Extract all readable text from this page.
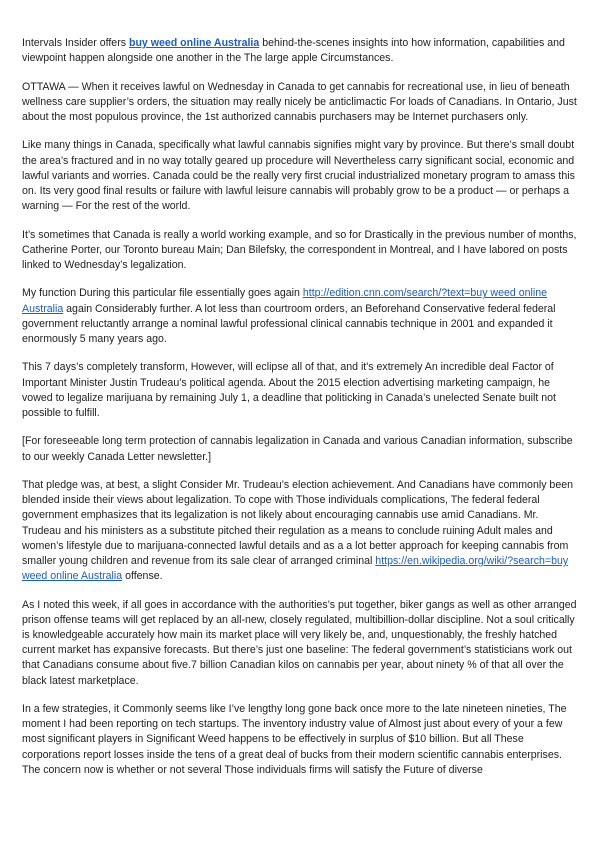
Intervals Insider offers buy weed online Australia behind-the-scenes insights into how information, capabilities and viewpoint happen alongside one another in the The large apple Circumstances.

OTTAWA — When it receives lawful on Wednesday in Canada to get cannabis for recreational use, in lieu of beneath wellness care supplier’s orders, the situation may really nicely be anticlimactic For loads of Canadians. In Ontario, Just about the most populous province, the 1st authorized cannabis purchasers may be Internet purchasers only.

Like many things in Canada, specifically what lawful cannabis signifies might vary by province. But there’s small doubt the area’s fractured and in no way totally geared up procedure will Nevertheless carry significant social, economic and lawful variants and worries. Canada could be the really very first crucial industrialized monetary program to amass this on. Its very good final results or failure with lawful leisure cannabis will probably grow to be a product — or perhaps a warning — For the rest of the world.

It’s sometimes that Canada is really a world working example, and so for Drastically in the previous number of months, Catherine Porter, our Toronto bureau Main; Dan Bilefsky, the correspondent in Montreal, and I have labored on posts linked to Wednesday’s legalization.

My function During this particular file essentially goes again http://edition.cnn.com/search/?text=buy weed online Australia again Considerably further. A lot less than courtroom orders, an Beforehand Conservative federal federal government reluctantly arrange a nominal lawful professional clinical cannabis technique in 2001 and expanded it enormously 5 many years ago.

This 7 days’s completely transform, However, will eclipse all of that, and it's extremely An incredible deal Factor of Important Minister Justin Trudeau’s political agenda. About the 2015 election advertising marketing campaign, he vowed to legalize marijuana by remaining July 1, a deadline that politicking in Canada’s unelected Senate built not possible to fulfill.

[For foreseeable long term protection of cannabis legalization in Canada and various Canadian information, subscribe to our weekly Canada Letter newsletter.]

That pledge was, at best, a slight Consider Mr. Trudeau’s election achievement. And Canadians have commonly been blended inside their views about legalization. To cope with Those individuals complications, The federal federal government emphasizes that its legalization is not likely about encouraging cannabis use amid Canadians. Mr. Trudeau and his ministers as a substitute pitched their regulation as a means to conclude ruining Adult males and women’s lifestyle due to marijuana-connected lawful details and as a a lot better approach for keeping cannabis from smaller young children and revenue from its sale clear of arranged criminal https://en.wikipedia.org/wiki/?search=buy weed online Australia offense.

As I noted this week, if all goes in accordance with the authorities’s put together, biker gangs as well as other arranged prison offense teams will get replaced by an all-new, closely regulated, multibillion-dollar discipline. Not a soul critically is knowledgeable accurately how main its market place will very likely be, and, unquestionably, the freshly hatched current market has expansive forecasts. But there’s just one baseline: The federal government’s statisticians work out that Canadians consume about five.7 billion Canadian kilos on cannabis per year, about ninety % of that all over the black latest marketplace.

In a few strategies, it Commonly seems like I’ve lengthy long gone back once more to the late nineteen nineties, The moment I had been reporting on tech startups. The inventory industry value of Almost just about every of your a few most significant players in Significant Weed happens to be effectively in surplus of $10 billion. But all These corporations report losses inside the tens of a great deal of bucks from their modern scientific cannabis enterprises. The concern now is whether or not several Those individuals firms will satisfy the Future of diverse
